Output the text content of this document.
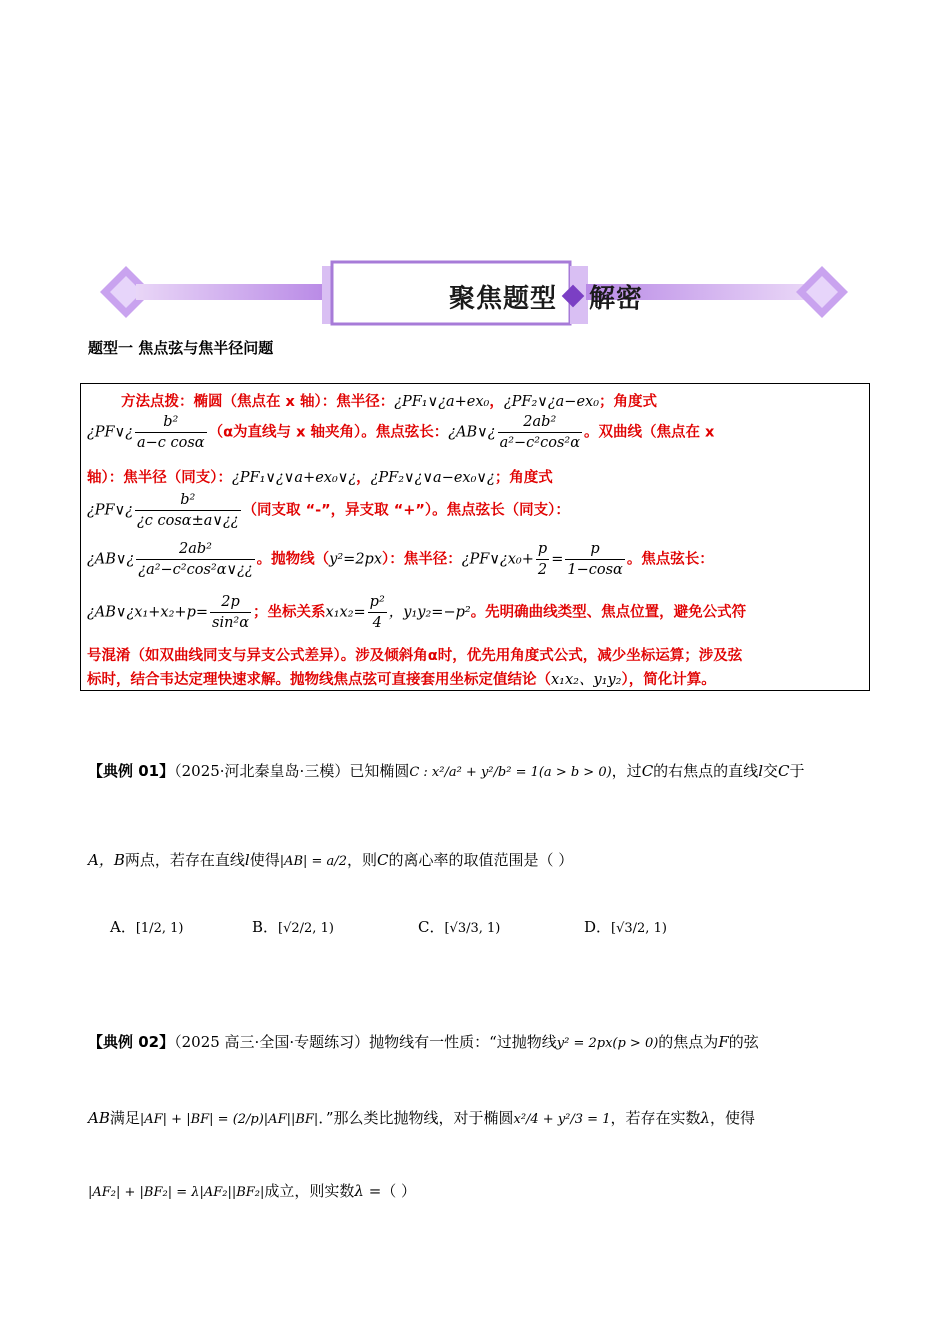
聚焦题型 解密
题型一 焦点弦与焦半径问题
方法点拨：椭圆（焦点在 x 轴）：焦半径：¿PF₁∨¿a+ex₀，¿PF₂∨¿a−ex₀；角度式
¿PF∨¿ $\frac{\text{b²}}{\text{a−c cosα}} (\alpha$为直线与 x 轴夹角）。焦点弦长：¿AB∨¿ $\frac{\text{2ab²}}{\text{a²−c²cos²α}}$ 。双曲线（焦点在 x
轴）：焦半径（同支）：¿PF₁∨¿∨a+ex₀∨¿，¿PF₂∨¿∨a−ex₀∨¿；角度式
¿PF∨¿ $\frac{\text{b²}}{\text{¿c cosα±a∨¿¿}}$ （同支取 “-”，异支取 “+”）。焦点弦长（同支）：
¿AB∨¿ $\frac{\text{2ab²}}{\text{¿a²−c²cos²α∨¿¿}}$ 。抛物线（y²=2px）：焦半径：¿PF∨¿x₀+ $\frac{p}{2} = \frac{p}{1-\cos\alpha}$ 。焦点弦长：
¿AB∨¿x₁+x₂+p= $\frac{2p}{\text{sin²α}}$ ；坐标关系$x_1x_2= \frac{\text{p²}}{4}$ ，y₁y₂=−p²。先明确曲线类型、焦点位置，避免公式符
号混淆（如双曲线同支与异支公式差异）。涉及倾斜角α时，优先用角度式公式，减少坐标运算；涉及弦
标时，结合韦达定理快速求解。抛物线焦点弦可直接套用坐标定值结论（x₁x₂、y₁y₂），简化计算。
【典例 01】（2025·河北秦皇岛·三模）已知椭圆C : x²/a² + y²/b² = 1(a > b > 0)，过C的右焦点的直线l交C于
A，B两点，若存在直线l使得|AB| = a/2，则C的离心率的取值范围是（ ）
A．[1/2, 1)	B．[√2/2, 1)	C．[√3/3, 1)	D．[√3/2, 1)
【典例 02】（2025 高三·全国·专题练习）抛物线有一性质：“过抛物线y² = 2px(p > 0)的焦点为F的弦
AB满足|AF| + |BF| = (2/p)|AF||BF|．”那么类比抛物线，对于椭圆x²/4 + y²/3 = 1，若存在实数λ，使得
|AF₂| + |BF₂| = λ|AF₂||BF₂|成立，则实数λ =（ ）
